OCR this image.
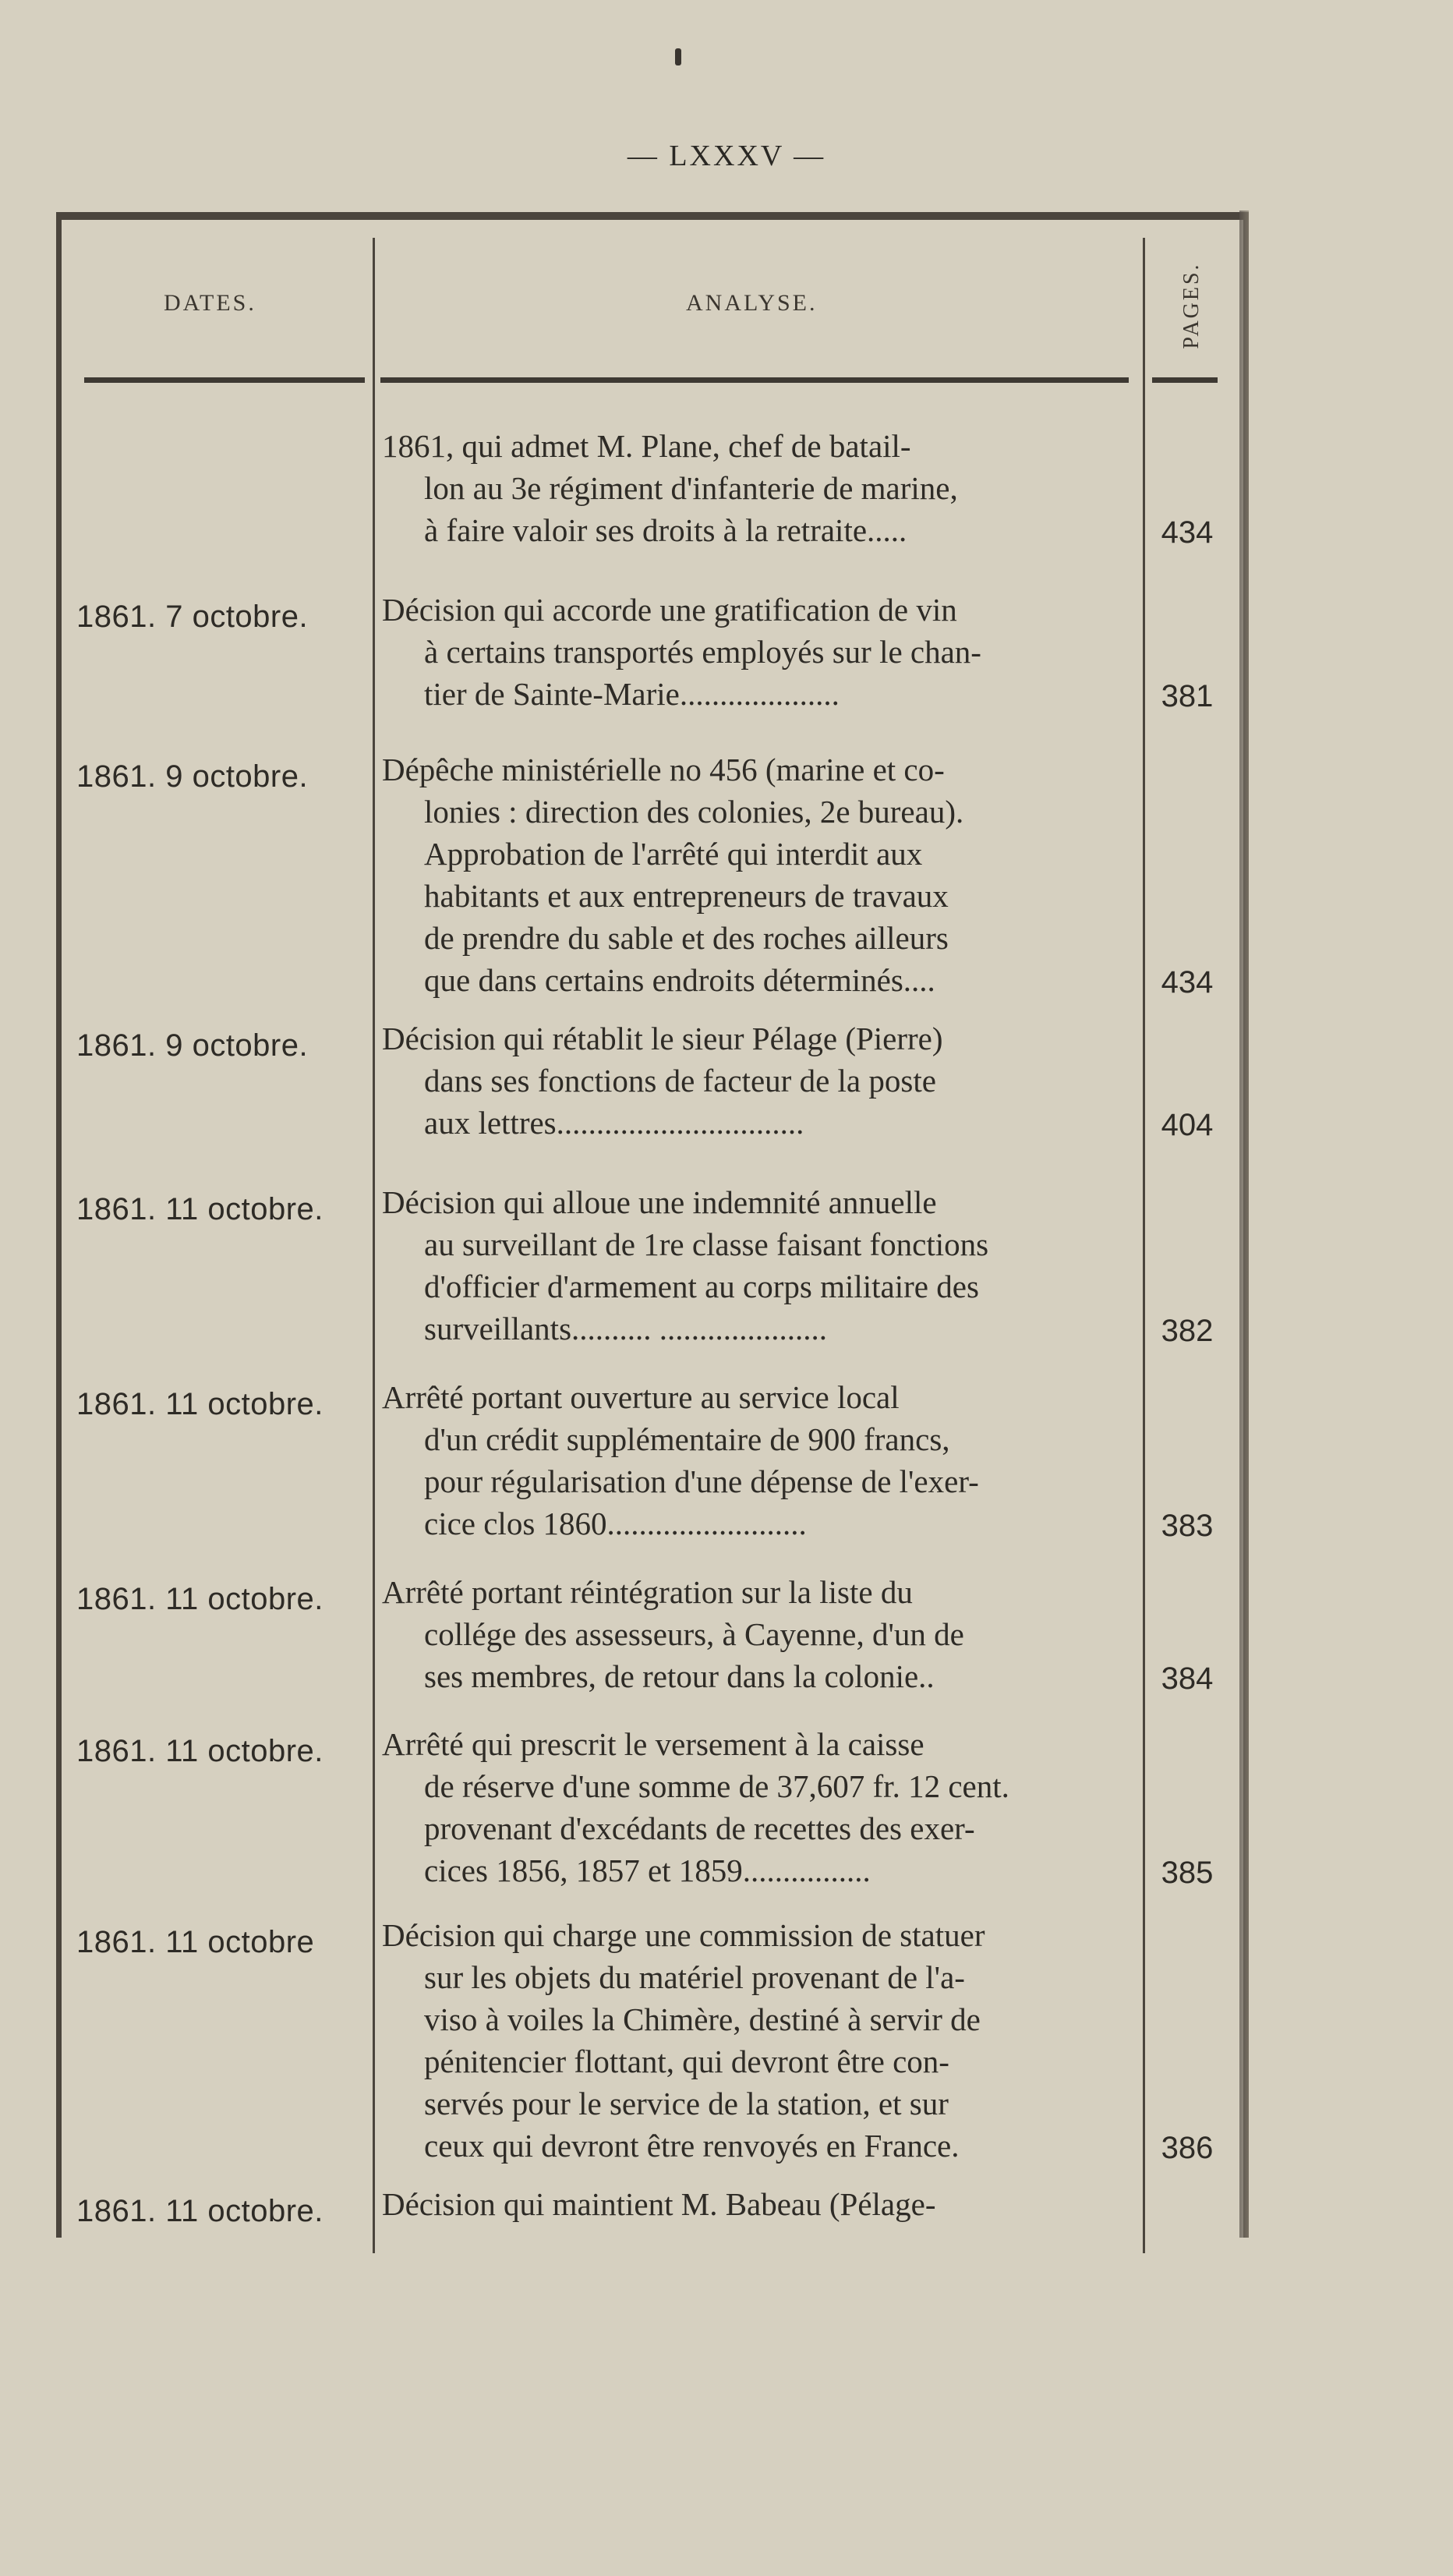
— LXXXV —
DATES.	ANALYSE.	PAGES.
1861, qui admet M. Plane, chef de batail-
lon au 3e régiment d'infanterie de marine,
à faire valoir ses droits à la retraite.....	434
1861. 7 octobre.	Décision qui accorde une gratification de vin
à certains transportés employés sur le chan-
tier de Sainte-Marie....................	381
1861. 9 octobre.	Dépêche ministérielle no 456 (marine et co-
lonies : direction des colonies, 2e bureau).
Approbation de l'arrêté qui interdit aux
habitants et aux entrepreneurs de travaux
de prendre du sable et des roches ailleurs
que dans certains endroits déterminés....	434
1861. 9 octobre.	Décision qui rétablit le sieur Pélage (Pierre)
dans ses fonctions de facteur de la poste
aux lettres...............................	404
1861. 11 octobre.	Décision qui alloue une indemnité annuelle
au surveillant de 1re classe faisant fonctions
d'officier d'armement au corps militaire des
surveillants.......... .....................	382
1861. 11 octobre.	Arrêté portant ouverture au service local
d'un crédit supplémentaire de 900 francs,
pour régularisation d'une dépense de l'exer-
cice clos 1860.........................	383
1861. 11 octobre.	Arrêté portant réintégration sur la liste du
collége des assesseurs, à Cayenne, d'un de
ses membres, de retour dans la colonie..	384
1861. 11 octobre.	Arrêté qui prescrit le versement à la caisse
de réserve d'une somme de 37,607 fr. 12 cent.
provenant d'excédants de recettes des exer-
cices 1856, 1857 et 1859................	385
1861. 11 octobre	Décision qui charge une commission de statuer
sur les objets du matériel provenant de l'a-
viso à voiles la Chimère, destiné à servir de
pénitencier flottant, qui devront être con-
servés pour le service de la station, et sur
ceux qui devront être renvoyés en France.	386
1861. 11 octobre.	Décision qui maintient M. Babeau (Pélage-
